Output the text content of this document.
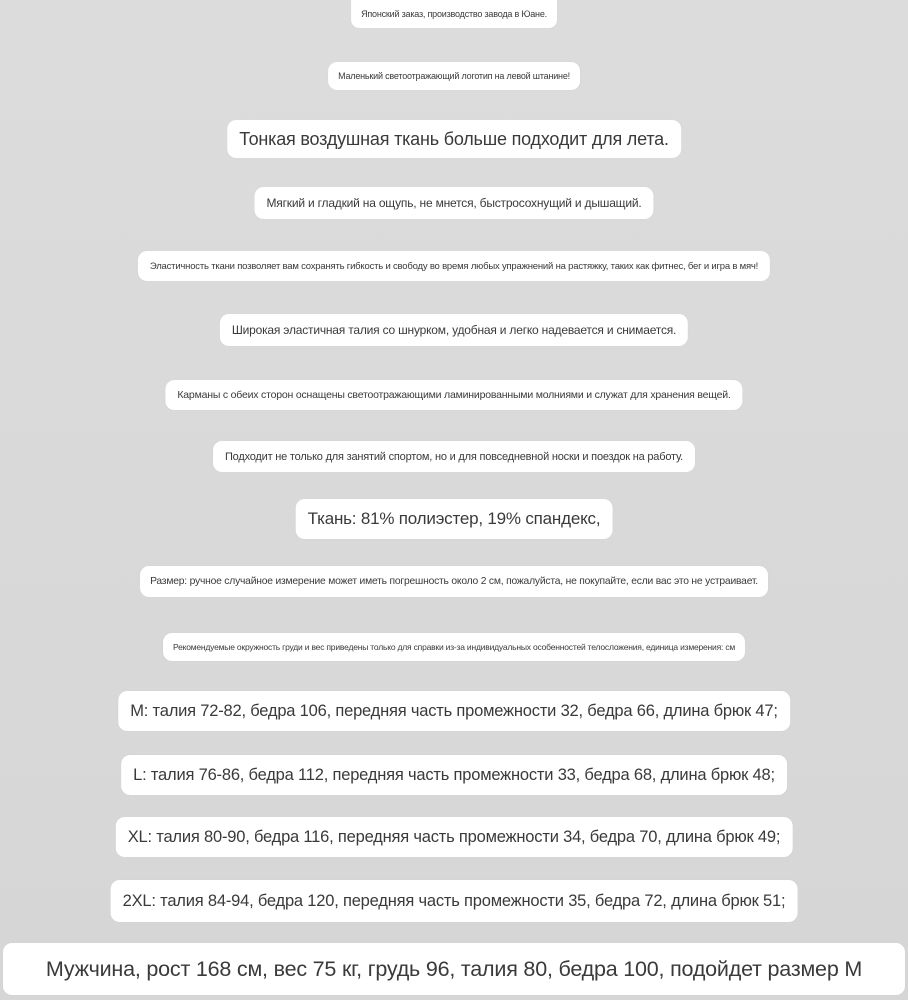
Японский заказ, производство завода в Юане.
Маленький светоотражающий логотип на левой штанине!
Тонкая воздушная ткань больше подходит для лета.
Мягкий и гладкий на ощупь, не мнется, быстросохнущий и дышащий.
Эластичность ткани позволяет вам сохранять гибкость и свободу во время любых упражнений на растяжку, таких как фитнес, бег и игра в мяч!
Широкая эластичная талия со шнурком, удобная и легко надевается и снимается.
Карманы с обеих сторон оснащены светоотражающими ламинированными молниями и служат для хранения вещей.
Подходит не только для занятий спортом, но и для повседневной носки и поездок на работу.
Ткань: 81% полиэстер, 19% спандекс,
Размер: ручное случайное измерение может иметь погрешность около 2 см, пожалуйста, не покупайте, если вас это не устраивает.
Рекомендуемые окружность груди и вес приведены только для справки из-за индивидуальных особенностей телосложения, единица измерения: см
M: талия 72-82, бедра 106, передняя часть промежности 32, бедра 66, длина брюк 47;
L: талия 76-86, бедра 112, передняя часть промежности 33, бедра 68, длина брюк 48;
XL: талия 80-90, бедра 116, передняя часть промежности 34, бедра 70, длина брюк 49;
2XL: талия 84-94, бедра 120, передняя часть промежности 35, бедра 72, длина брюк 51;
Мужчина, рост 168 см, вес 75 кг, грудь 96, талия 80, бедра 100, подойдет размер M
